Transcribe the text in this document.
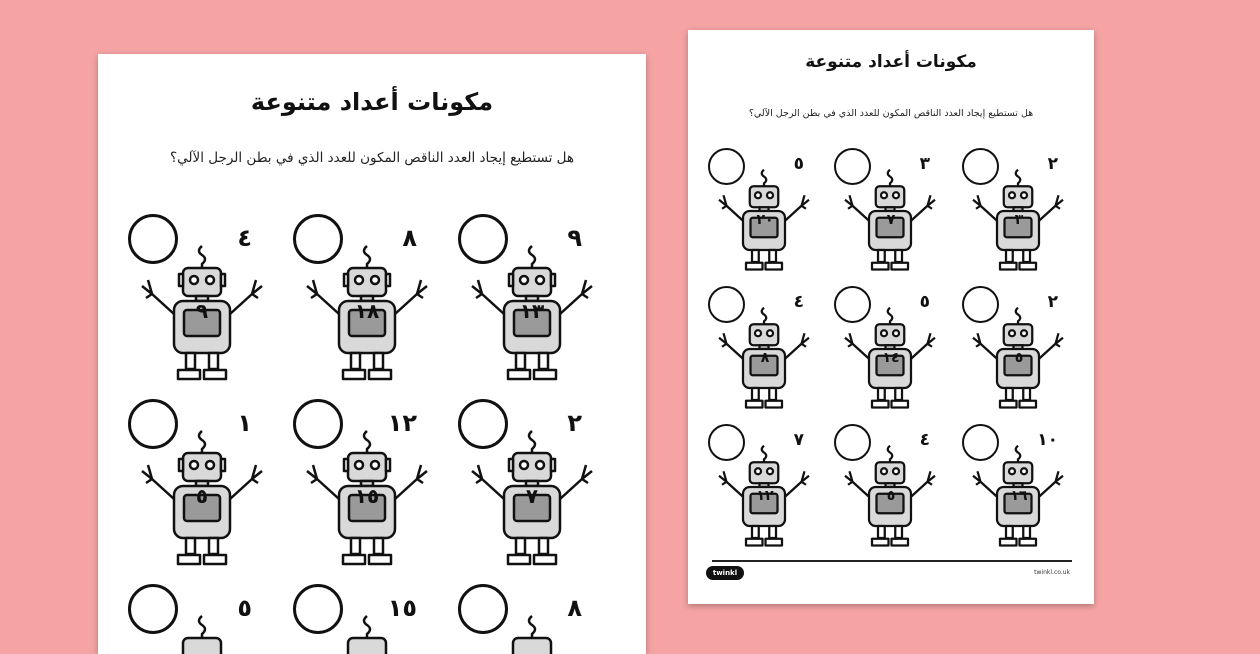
مكونات أعداد متنوعة
هل تستطيع إيجاد العدد الناقص المكون للعدد الذي في بطن الرجل الآلي؟
٩
١٣
٨
١٨
٤
٩
٢
٧
١٢
١٥
١
٥
٨
١٥
٥
مكونات أعداد متنوعة
هل تستطيع إيجاد العدد الناقص المكون للعدد الذي في بطن الرجل الآلي؟
٢
٣
٣
٧
٥
٢٠
٢
٥
٥
١٤
٤
٨
١٠
١٦
٤
٥
٧
١٢
twinkl	twinkl.co.uk
